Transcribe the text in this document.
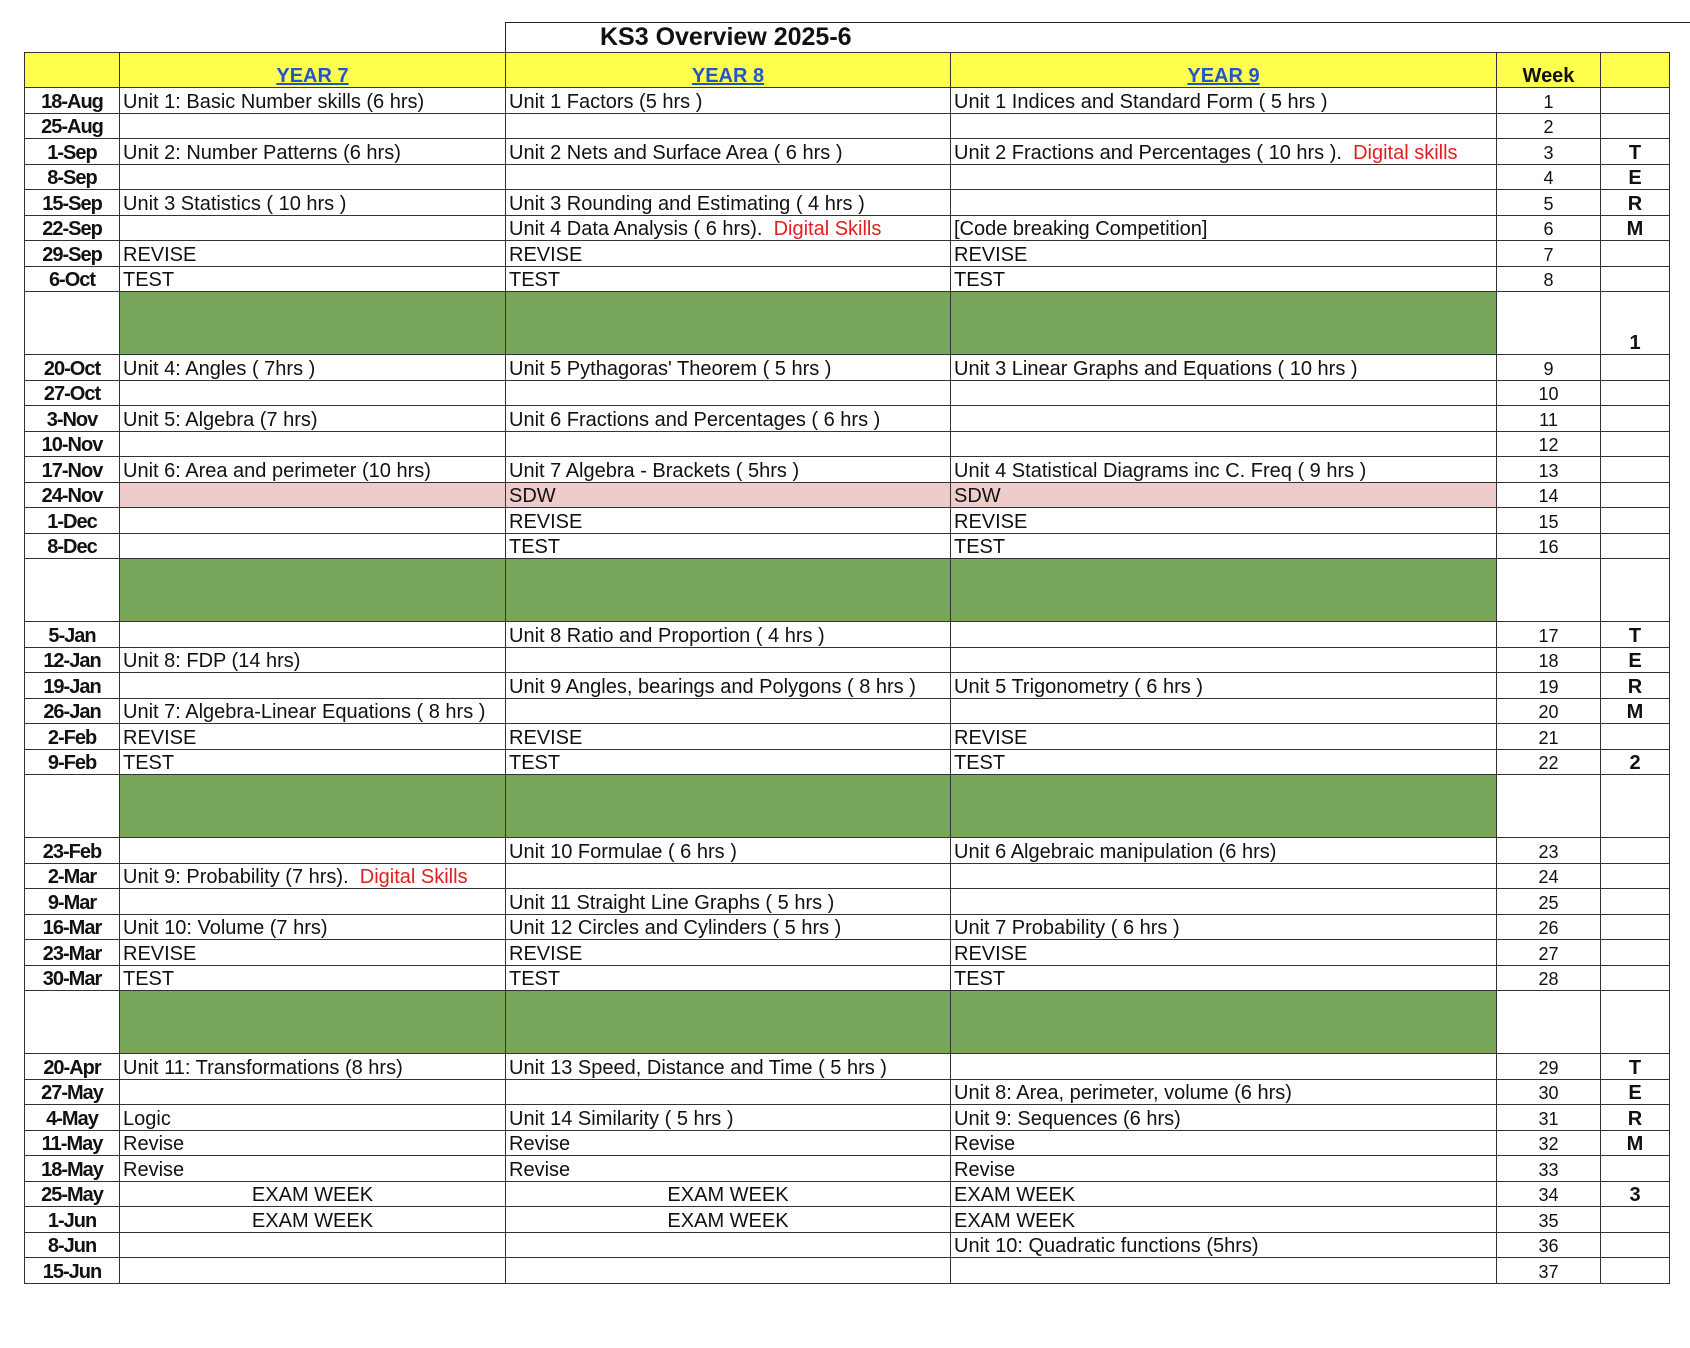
KS3 Overview 2025-6
	YEAR 7	YEAR 8	YEAR 9	Week	
18-Aug	Unit 1: Basic Number skills (6 hrs)	Unit 1 Factors (5 hrs )	Unit 1 Indices and Standard Form ( 5 hrs )	1	
25-Aug				2	
1-Sep	Unit 2: Number Patterns (6 hrs)	Unit 2 Nets and Surface Area ( 6 hrs )	Unit 2 Fractions and Percentages ( 10 hrs ). Digital skills	3	T
8-Sep				4	E
15-Sep	Unit 3 Statistics ( 10 hrs )	Unit 3 Rounding and Estimating ( 4 hrs )		5	R
22-Sep		Unit 4 Data Analysis ( 6 hrs). Digital Skills	[Code breaking Competition]	6	M
29-Sep	REVISE	REVISE	REVISE	7	
6-Oct	TEST	TEST	TEST	8	
					1
20-Oct	Unit 4: Angles ( 7hrs )	Unit 5 Pythagoras' Theorem ( 5 hrs )	Unit 3 Linear Graphs and Equations ( 10 hrs )	9	
27-Oct				10	
3-Nov	Unit 5: Algebra (7 hrs)	Unit 6 Fractions and Percentages ( 6 hrs )		11	
10-Nov				12	
17-Nov	Unit 6: Area and perimeter (10 hrs)	Unit 7 Algebra - Brackets ( 5hrs )	Unit 4 Statistical Diagrams inc C. Freq ( 9 hrs )	13	
24-Nov		SDW	SDW	14	
1-Dec		REVISE	REVISE	15	
8-Dec		TEST	TEST	16	

5-Jan		Unit 8 Ratio and Proportion ( 4 hrs )		17	T
12-Jan	Unit 8: FDP (14 hrs)			18	E
19-Jan		Unit 9 Angles, bearings and Polygons ( 8 hrs )	Unit 5 Trigonometry ( 6 hrs )	19	R
26-Jan	Unit 7: Algebra-Linear Equations ( 8 hrs )			20	M
2-Feb	REVISE	REVISE	REVISE	21	
9-Feb	TEST	TEST	TEST	22	2

23-Feb		Unit 10 Formulae ( 6 hrs )	Unit 6 Algebraic manipulation (6 hrs)	23	
2-Mar	Unit 9: Probability (7 hrs). Digital Skills			24	
9-Mar		Unit 11 Straight Line Graphs ( 5 hrs )		25	
16-Mar	Unit 10: Volume (7 hrs)	Unit 12 Circles and Cylinders ( 5 hrs )	Unit 7 Probability ( 6 hrs )	26	
23-Mar	REVISE	REVISE	REVISE	27	
30-Mar	TEST	TEST	TEST	28	

20-Apr	Unit 11: Transformations (8 hrs)	Unit 13 Speed, Distance and Time ( 5 hrs )		29	T
27-May			Unit 8: Area, perimeter, volume (6 hrs)	30	E
4-May	Logic	Unit 14 Similarity ( 5 hrs )	Unit 9: Sequences (6 hrs)	31	R
11-May	Revise	Revise	Revise	32	M
18-May	Revise	Revise	Revise	33	
25-May	EXAM WEEK	EXAM WEEK	EXAM WEEK	34	3
1-Jun	EXAM WEEK	EXAM WEEK	EXAM WEEK	35	
8-Jun			Unit 10: Quadratic functions (5hrs)	36	
15-Jun				37	
